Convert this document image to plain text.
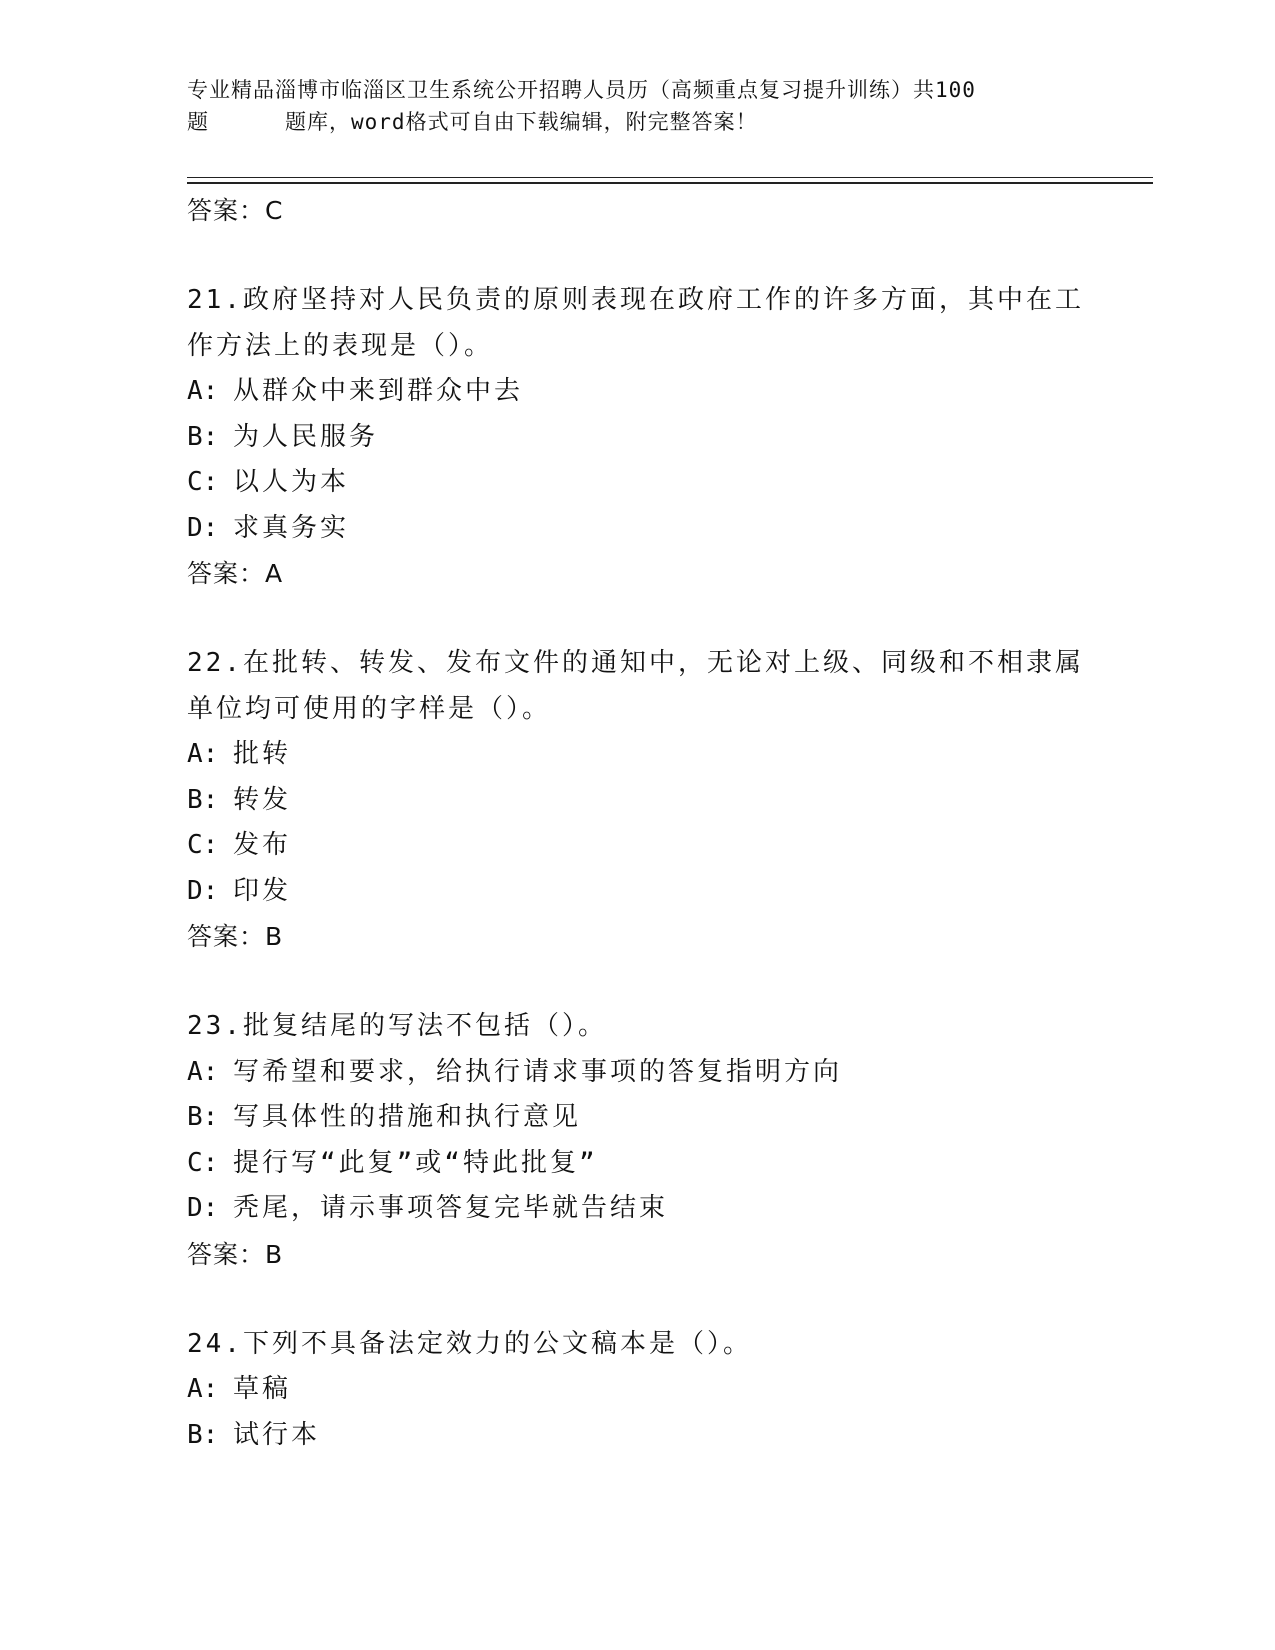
专业精品淄博市临淄区卫生系统公开招聘人员历（高频重点复习提升训练）共100
题	题库，word格式可自由下载编辑，附完整答案！
答案：C
21.政府坚持对人民负责的原则表现在政府工作的许多方面，其中在工
作方法上的表现是（）。
A: 从群众中来到群众中去
B: 为人民服务
C: 以人为本
D: 求真务实
答案：A
22.在批转、转发、发布文件的通知中，无论对上级、同级和不相隶属
单位均可使用的字样是（）。
A: 批转
B: 转发
C: 发布
D: 印发
答案：B
23.批复结尾的写法不包括（）。
A: 写希望和要求，给执行请求事项的答复指明方向
B: 写具体性的措施和执行意见
C: 提行写“此复”或“特此批复”
D: 秃尾，请示事项答复完毕就告结束
答案：B
24.下列不具备法定效力的公文稿本是（）。
A: 草稿
B: 试行本
